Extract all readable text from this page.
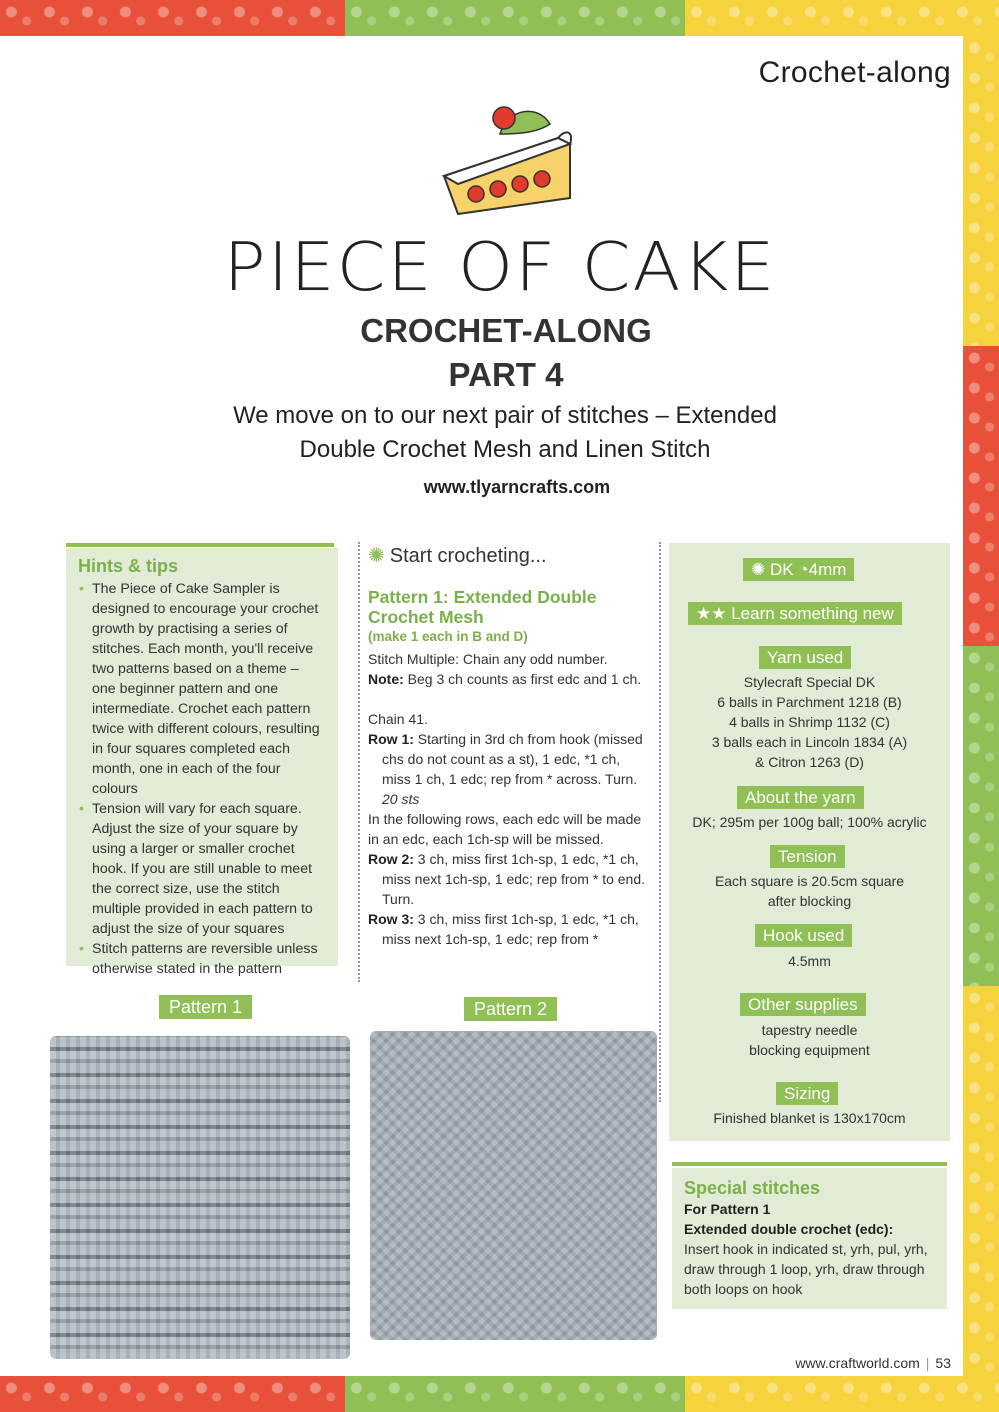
Crochet-along
PIECE OF CAKE
CROCHET-ALONG
PART 4
We move on to our next pair of stitches – Extended
Double Crochet Mesh and Linen Stitch
www.tlyarncrafts.com
Hints & tips
• The Piece of Cake Sampler is designed to encourage your crochet growth by practising a series of stitches. Each month, you'll receive two patterns based on a theme – one beginner pattern and one intermediate. Crochet each pattern twice with different colours, resulting in four squares completed each month, one in each of the four colours
• Tension will vary for each square. Adjust the size of your square by using a larger or smaller crochet hook. If you are still unable to meet the correct size, use the stitch multiple provided in each pattern to adjust the size of your squares
• Stitch patterns are reversible unless otherwise stated in the pattern
✺ Start crocheting...
Pattern 1: Extended Double Crochet Mesh
(make 1 each in B and D)

Stitch Multiple: Chain any odd number.

Note: Beg 3 ch counts as first edc and 1 ch.

Chain 41.

Row 1: Starting in 3rd ch from hook (missed chs do not count as a st), 1 edc, *1 ch, miss 1 ch, 1 edc; rep from * across. Turn. 20 sts

In the following rows, each edc will be made in an edc, each 1ch-sp will be missed.

Row 2: 3 ch, miss first 1ch-sp, 1 edc, *1 ch, miss next 1ch-sp, 1 edc; rep from * to end. Turn.

Row 3: 3 ch, miss first 1ch-sp, 1 edc, *1 ch, miss next 1ch-sp, 1 edc; rep from *

✺ DK ◔4mm
★★ Learn something new
Yarn used
Stylecraft Special DK
6 balls in Parchment 1218 (B)
4 balls in Shrimp 1132 (C)
3 balls each in Lincoln 1834 (A)
& Citron 1263 (D)
About the yarn
DK; 295m per 100g ball; 100% acrylic
Tension
Each square is 20.5cm square
after blocking
Hook used
4.5mm
Other supplies
tapestry needle
blocking equipment
Sizing
Finished blanket is 130x170cm
Special stitches
For Pattern 1
Extended double crochet (edc):
Insert hook in indicated st, yrh, pul, yrh, draw through 1 loop, yrh, draw through both loops on hook
Pattern 1	Pattern 2
www.craftworld.com | 53
